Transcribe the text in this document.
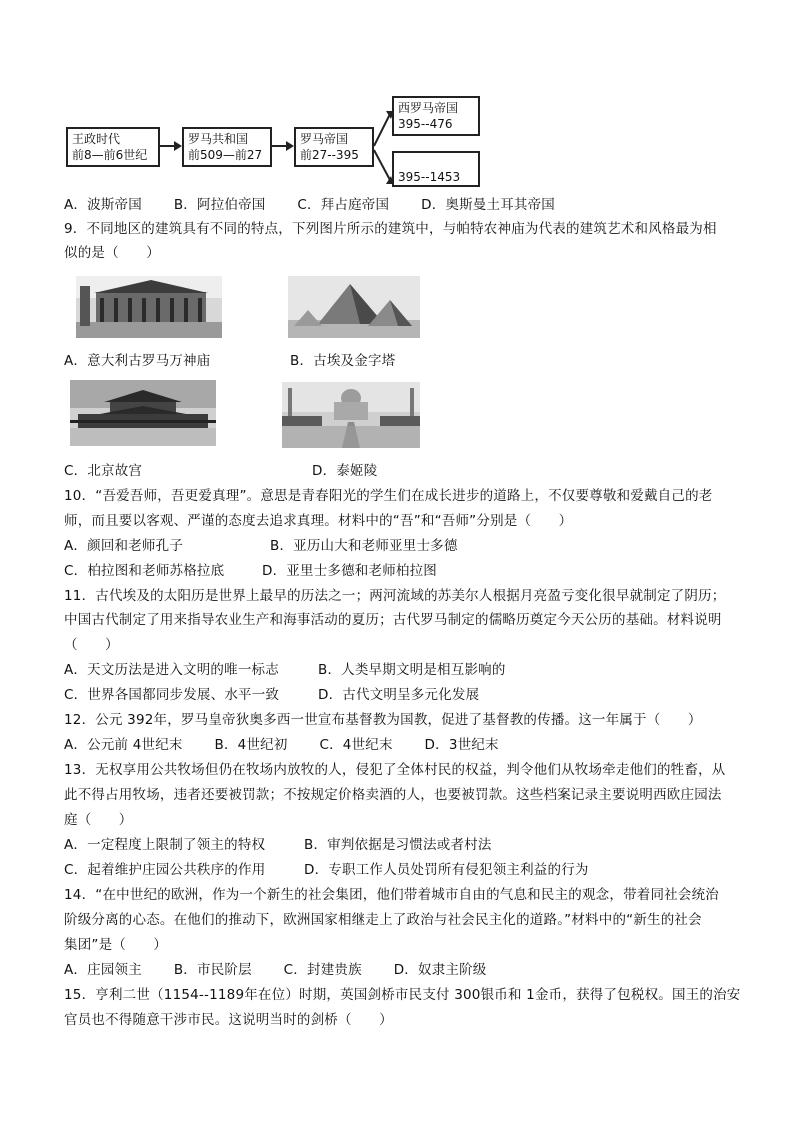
王政时代
前8—前6世纪
罗马共和国
前509—前27
罗马帝国
前27--395
西罗马帝国
395--476
395--1453
A．波斯帝国　　 B．阿拉伯帝国　　 C．拜占庭帝国　　 D．奥斯曼土耳其帝国
9．不同地区的建筑具有不同的特点，下列图片所示的建筑中，与帕特农神庙为代表的建筑艺术和风格最为相
似的是（　　）
A．意大利古罗马万神庙	B．古埃及金字塔
C．北京故宫	D．泰姬陵
10．“吾爱吾师，吾更爱真理”。意思是青春阳光的学生们在成长进步的道路上，不仅要尊敬和爱戴自己的老
师，而且要以客观、严谨的态度去追求真理。材料中的“吾”和“吾师”分别是（　　）
A．颜回和老师孔子	B．亚历山大和老师亚里士多德
C．柏拉图和老师苏格拉底	D．亚里士多德和老师柏拉图
11．古代埃及的太阳历是世界上最早的历法之一；两河流域的苏美尔人根据月亮盈亏变化很早就制定了阴历；
中国古代制定了用来指导农业生产和海事活动的夏历；古代罗马制定的儒略历奠定今天公历的基础。材料说明
（　　）
A．天文历法是进入文明的唯一标志	B．人类早期文明是相互影响的
C．世界各国都同步发展、水平一致	D．古代文明呈多元化发展
12．公元 392年，罗马皇帝狄奥多西一世宣布基督教为国教，促进了基督教的传播。这一年属于（　　）
A．公元前 4世纪末　　 B．4世纪初　　 C．4世纪末　　 D．3世纪末
13．无权享用公共牧场但仍在牧场内放牧的人，侵犯了全体村民的权益，判令他们从牧场牵走他们的牲畜，从
此不得占用牧场，违者还要被罚款；不按规定价格卖酒的人，也要被罚款。这些档案记录主要说明西欧庄园法
庭（　　）
A．一定程度上限制了领主的特权	B．审判依据是习惯法或者村法
C．起着维护庄园公共秩序的作用	D．专职工作人员处罚所有侵犯领主利益的行为
14．“在中世纪的欧洲，作为一个新生的社会集团，他们带着城市自由的气息和民主的观念，带着同社会统治
阶级分离的心态。在他们的推动下，欧洲国家相继走上了政治与社会民主化的道路。”材料中的“新生的社会
集团”是（　　）
A．庄园领主　　 B．市民阶层　　 C．封建贵族　　 D．奴隶主阶级
15．亨利二世（1154--1189年在位）时期，英国剑桥市民支付 300银币和 1金币，获得了包税权。国王的治安
官员也不得随意干涉市民。这说明当时的剑桥（　　）
